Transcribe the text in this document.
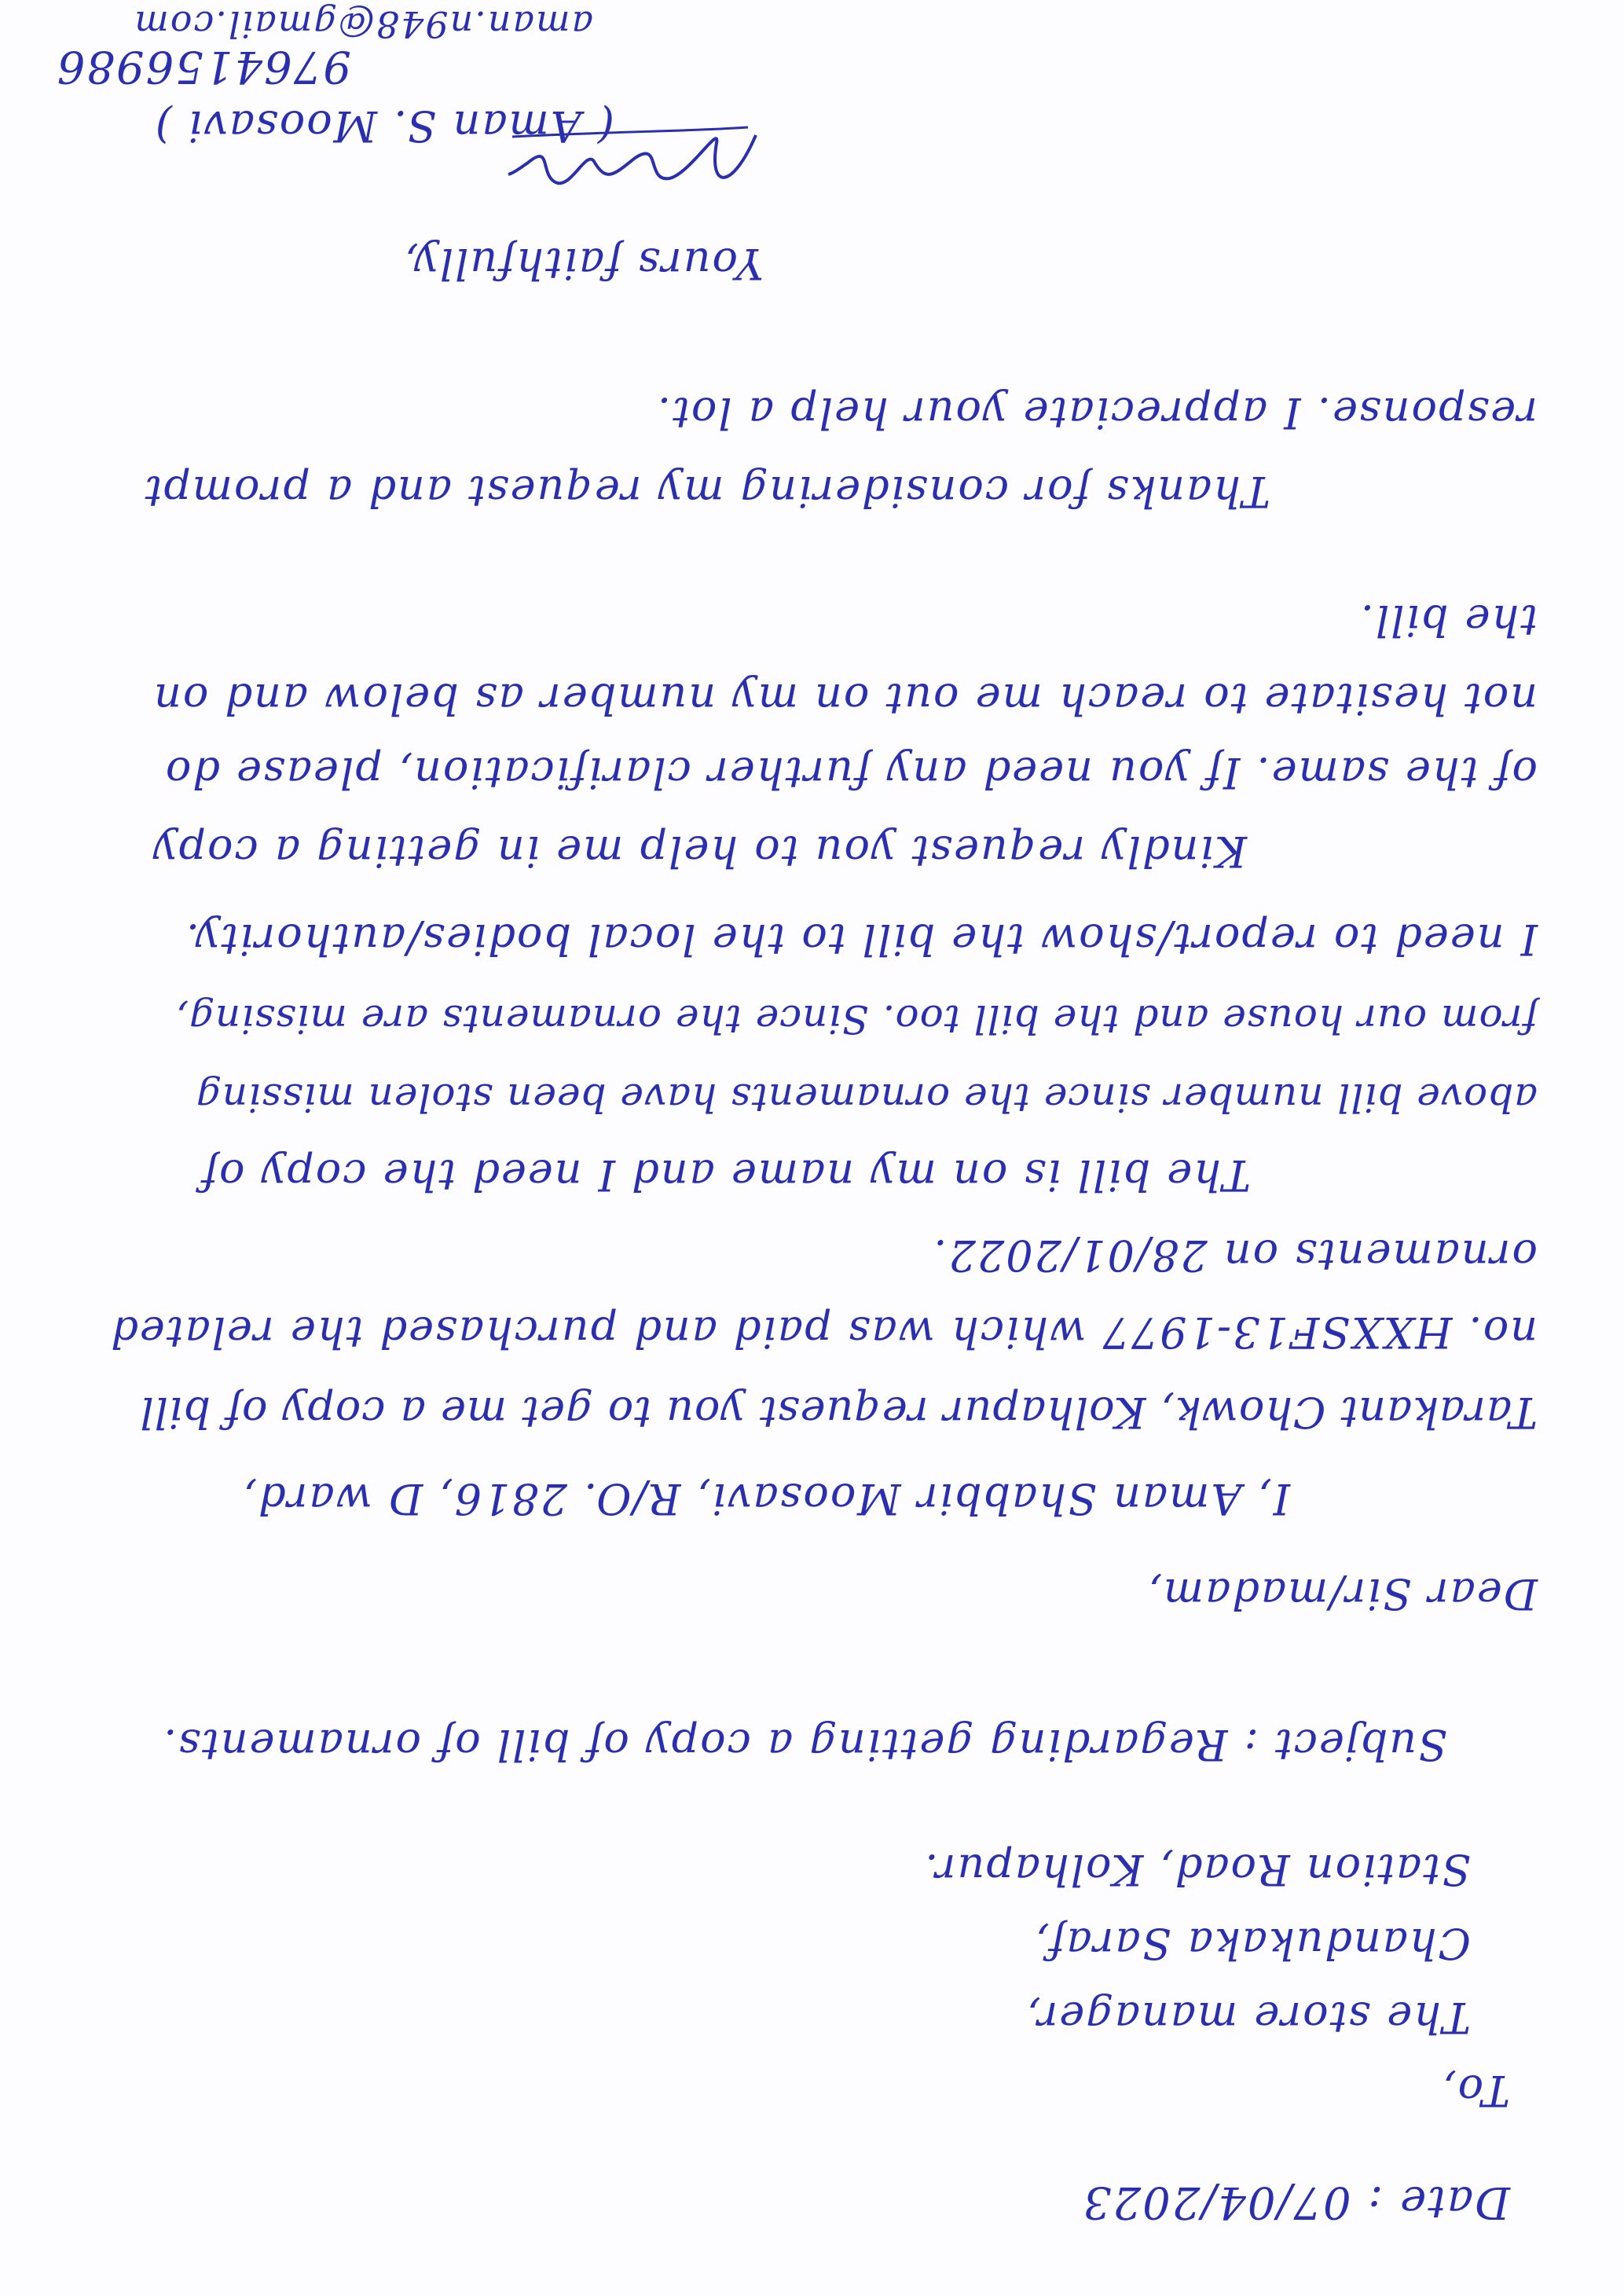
Date : 07/04/2023
To,
The store manager,
Chandukaka Saraf,
Station Road, Kolhapur.
Subject : Regarding getting a copy of bill of ornaments.
Dear Sir/madam,
I, Aman Shabbir Moosavi, R/O. 2816, D ward,
Tarakant Chowk, Kolhapur request you to get me a copy of bill
no. HXXSF13-1977 which was paid and purchased the related
ornaments on 28/01/2022.
The bill is on my name and I need the copy of
above bill number since the ornaments have been stolen missing
from our house and the bill too. Since the ornaments are missing,
I need to report/show the bill to the local bodies/authority.
Kindly request you to help me in getting a copy
of the same. If you need any further clarification, please do
not hesitate to reach me out on my number as below and on
the bill.
Thanks for considering my request and a prompt
response. I appreciate your help a lot.
Yours faithfully,
( Aman S. Moosavi )
9764156986
aman.n948@gmail.com
